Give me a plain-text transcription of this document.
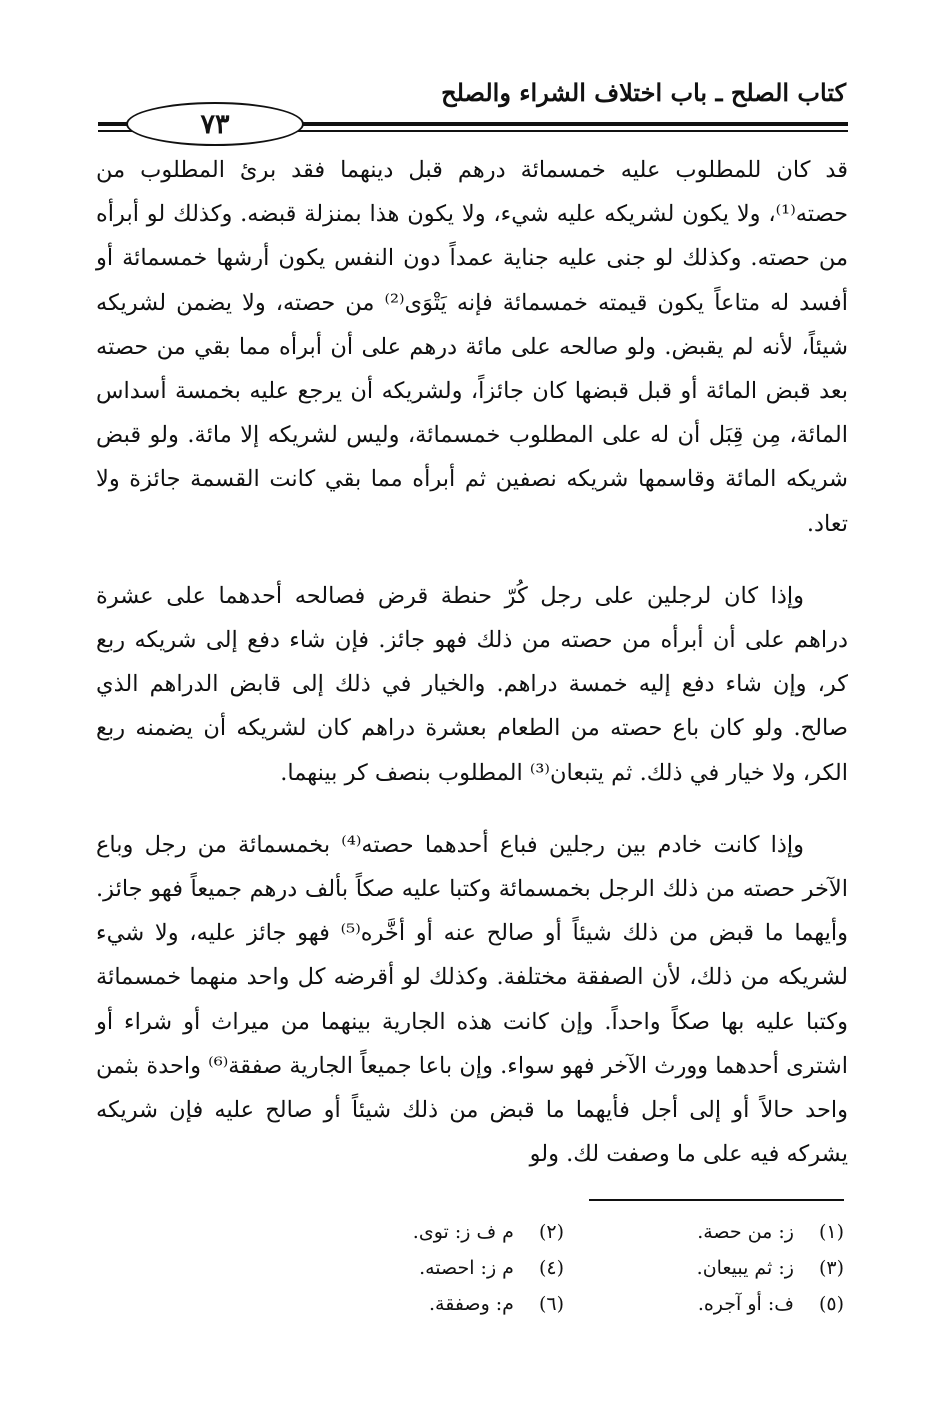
كتاب الصلح ـ باب اختلاف الشراء والصلح
٧٣

قد كان للمطلوب عليه خمسمائة درهم قبل دينهما فقد برئ المطلوب من حصته⁽¹⁾، ولا يكون لشريكه عليه شيء، ولا يكون هذا بمنزلة قبضه. وكذلك لو أبرأه من حصته. وكذلك لو جنى عليه جناية عمداً دون النفس يكون أرشها خمسمائة أو أفسد له متاعاً يكون قيمته خمسمائة فإنه يَتْوَى⁽²⁾ من حصته، ولا يضمن لشريكه شيئاً، لأنه لم يقبض. ولو صالحه على مائة درهم على أن أبرأه مما بقي من حصته بعد قبض المائة أو قبل قبضها كان جائزاً، ولشريكه أن يرجع عليه بخمسة أسداس المائة، مِن قِبَل أن له على المطلوب خمسمائة، وليس لشريكه إلا مائة. ولو قبض شريكه المائة وقاسمها شريكه نصفين ثم أبرأه مما بقي كانت القسمة جائزة ولا تعاد.

وإذا كان لرجلين على رجل كُرّ حنطة قرض فصالحه أحدهما على عشرة دراهم على أن أبرأه من حصته من ذلك فهو جائز. فإن شاء دفع إلى شريكه ربع كر، وإن شاء دفع إليه خمسة دراهم. والخيار في ذلك إلى قابض الدراهم الذي صالح. ولو كان باع حصته من الطعام بعشرة دراهم كان لشريكه أن يضمنه ربع الكر، ولا خيار في ذلك. ثم يتبعان⁽³⁾ المطلوب بنصف كر بينهما.

وإذا كانت خادم بين رجلين فباع أحدهما حصته⁽⁴⁾ بخمسمائة من رجل وباع الآخر حصته من ذلك الرجل بخمسمائة وكتبا عليه صكاً بألف درهم جميعاً فهو جائز. وأيهما ما قبض من ذلك شيئاً أو صالح عنه أو أخَّره⁽⁵⁾ فهو جائز عليه، ولا شيء لشريكه من ذلك، لأن الصفقة مختلفة. وكذلك لو أقرضه كل واحد منهما خمسمائة وكتبا عليه بها صكاً واحداً. وإن كانت هذه الجارية بينهما من ميراث أو شراء أو اشترى أحدهما وورث الآخر فهو سواء. وإن باعا جميعاً الجارية صفقة⁽⁶⁾ واحدة بثمن واحد حالاً أو إلى أجل فأيهما ما قبض من ذلك شيئاً أو صالح عليه فإن شريكه يشركه فيه على ما وصفت لك. ولو

(١) ز: من حصة.
(٢) م ف ز: توى.
(٣) ز: ثم يبيعان.
(٤) م ز: احصته.
(٥) ف: أو آجره.
(٦) م: وصفقة.
